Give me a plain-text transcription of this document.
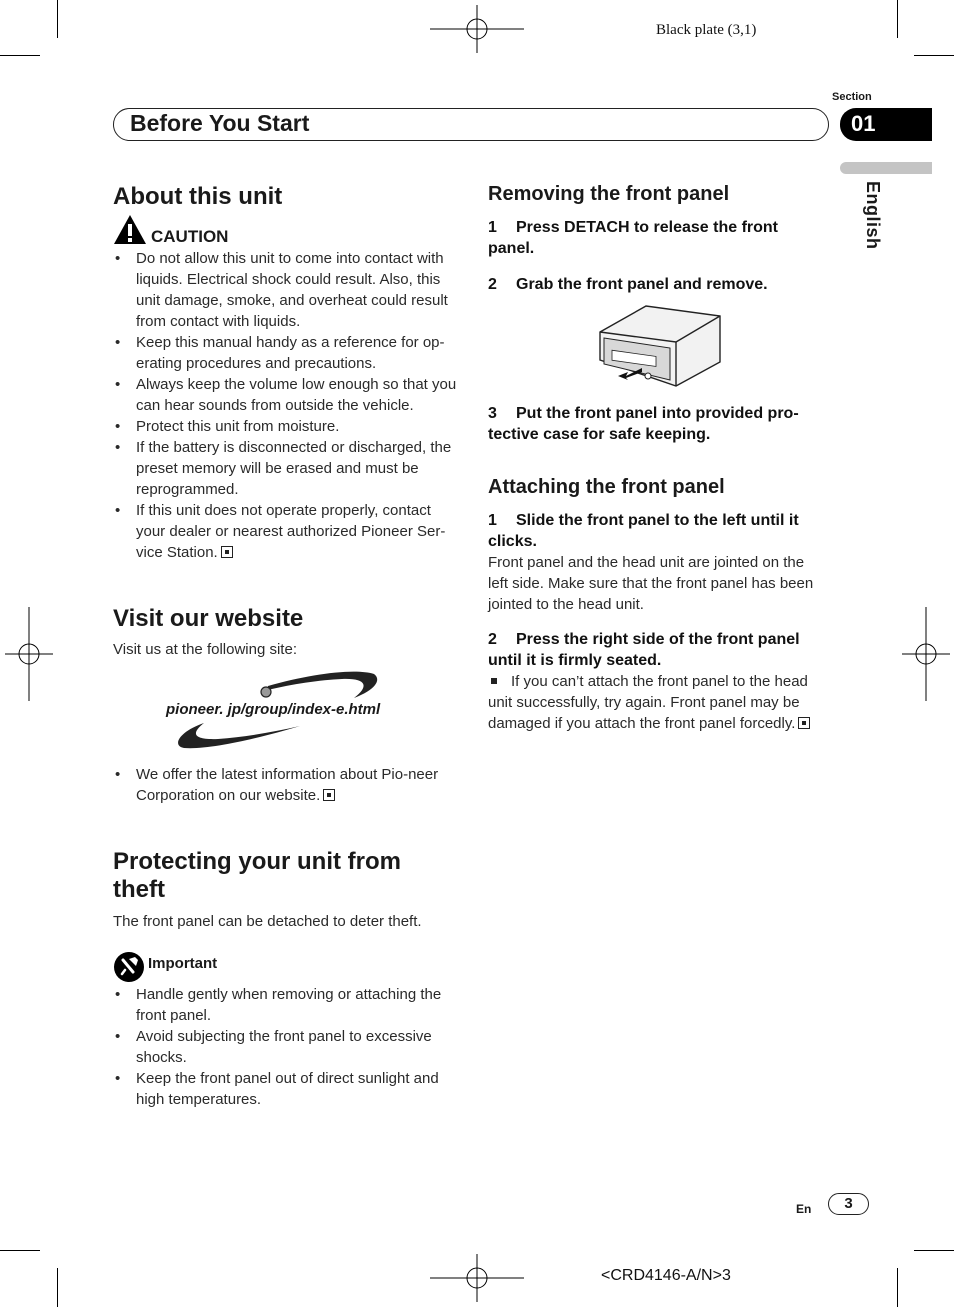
Black plate (3,1)
Section
Before You Start	01
English
About this unit
CAUTION
• Do not allow this unit to come into contact with liquids. Electrical shock could result. Also, this unit damage, smoke, and overheat could result from contact with liquids.
• Keep this manual handy as a reference for op-erating procedures and precautions.
• Always keep the volume low enough so that you can hear sounds from outside the vehicle.
• Protect this unit from moisture.
• If the battery is disconnected or discharged, the preset memory will be erased and must be reprogrammed.
• If this unit does not operate properly, contact your dealer or nearest authorized Pioneer Ser-vice Station.
Visit our website
Visit us at the following site:
pioneer. jp/group/index-e.html
• We offer the latest information about Pio-neer Corporation on our website.
Protecting your unit from
theft
The front panel can be detached to deter theft.
Important
• Handle gently when removing or attaching the front panel.
• Avoid subjecting the front panel to excessive shocks.
• Keep the front panel out of direct sunlight and high temperatures.
Removing the front panel
1 Press DETACH to release the front panel.
2 Grab the front panel and remove.
3 Put the front panel into provided pro-tective case for safe keeping.
Attaching the front panel
1 Slide the front panel to the left until it clicks.
Front panel and the head unit are jointed on the left side. Make sure that the front panel has been jointed to the head unit.
2 Press the right side of the front panel until it is firmly seated.
If you can’t attach the front panel to the head unit successfully, try again. Front panel may be damaged if you attach the front panel forcedly.
En	3
<CRD4146-A/N>3
